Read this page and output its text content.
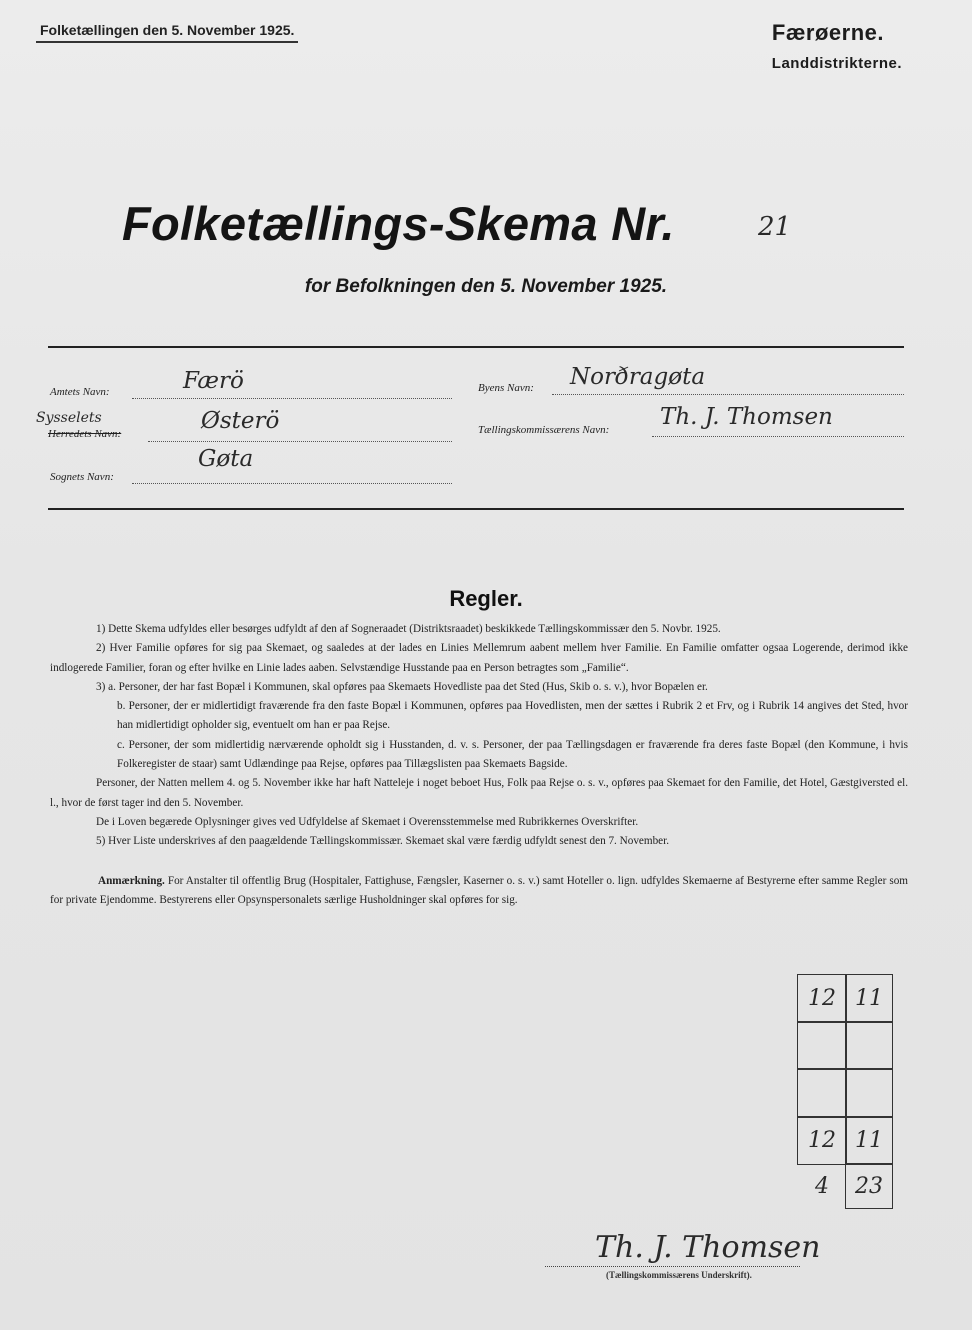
Folketællingen den 5. November 1925.	Færøerne.
Landdistrikterne.
Folketællings-Skema Nr.	21
for Befolkningen den 5. November 1925.
Amtets Navn:	Færö
Sysselets
Herredets Navn:	Østerö
Sognets Navn:
Gøta
Byens Navn: Norðragøta
Tællingskommissærens Navn: Th. J. Thomsen
Regler.

1) Dette Skema udfyldes eller besørges udfyldt af den af Sogneraadet (Distriktsraadet) beskikkede Tællingskommissær den 5. Novbr. 1925.

2) Hver Familie opføres for sig paa Skemaet, og saaledes at der lades en Linies Mellemrum aabent mellem hver Familie. En Familie omfatter ogsaa Logerende, derimod ikke indlogerede Familier, foran og efter hvilke en Linie lades aaben. Selvstændige Husstande paa en Person betragtes som „Familie“.

3) a. Personer, der har fast Bopæl i Kommunen, skal opføres paa Skemaets Hovedliste paa det Sted (Hus, Skib o. s. v.), hvor Bopælen er.

b. Personer, der er midlertidigt fraværende fra den faste Bopæl i Kommunen, opføres paa Hovedlisten, men der sættes i Rubrik 2 et Frv, og i Rubrik 14 angives det Sted, hvor han midlertidigt opholder sig, eventuelt om han er paa Rejse.

c. Personer, der som midlertidig nærværende opholdt sig i Husstanden, d. v. s. Personer, der paa Tællingsdagen er fraværende fra deres faste Bopæl (den Kommune, i hvis Folkeregister de staar) samt Udlændinge paa Rejse, opføres paa Tillægslisten paa Skemaets Bagside.

Personer, der Natten mellem 4. og 5. November ikke har haft Natteleje i noget beboet Hus, Folk paa Rejse o. s. v., opføres paa Skemaet for den Familie, det Hotel, Gæstgiversted el. l., hvor de først tager ind den 5. November.

De i Loven begærede Oplysninger gives ved Udfyldelse af Skemaet i Overensstemmelse med Rubrikkernes Overskrifter.

5) Hver Liste underskrives af den paagældende Tællingskommissær. Skemaet skal være færdig udfyldt senest den 7. November.

Anmærkning. For Anstalter til offentlig Brug (Hospitaler, Fattighuse, Fængsler, Kaserner o. s. v.) samt Hoteller o. lign. udfyldes Skemaerne af Bestyrerne efter samme Regler som for private Ejendomme. Bestyrerens eller Opsynspersonalets særlige Husholdninger skal opføres for sig.
12 11
12 11
4	23
Th. J. Thomsen
(Tællingskommissærens Underskrift).
